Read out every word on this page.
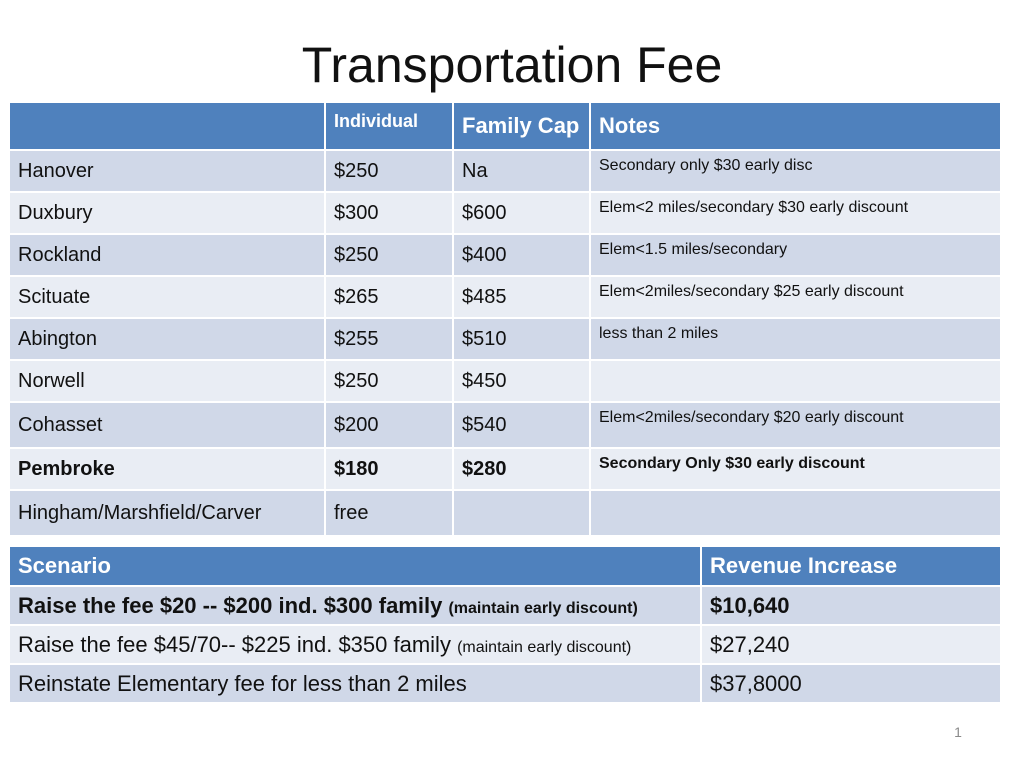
Transportation Fee
	Individual	Family Cap	Notes
Hanover	$250	Na	Secondary only $30 early disc
Duxbury	$300	$600	Elem<2 miles/secondary $30 early discount
Rockland	$250	$400	Elem<1.5 miles/secondary
Scituate	$265	$485	Elem<2miles/secondary $25 early discount
Abington	$255	$510	less than 2 miles
Norwell	$250	$450	
Cohasset	$200	$540	Elem<2miles/secondary $20 early discount
Pembroke	$180	$280	Secondary Only $30 early discount
Hingham/Marshfield/Carver	free		
Scenario	Revenue Increase
Raise the fee $20 -- $200 ind. $300 family (maintain early discount)	$10,640
Raise the fee $45/70-- $225 ind. $350 family (maintain early discount)	$27,240
Reinstate Elementary fee for less than 2 miles	$37,8000
1
